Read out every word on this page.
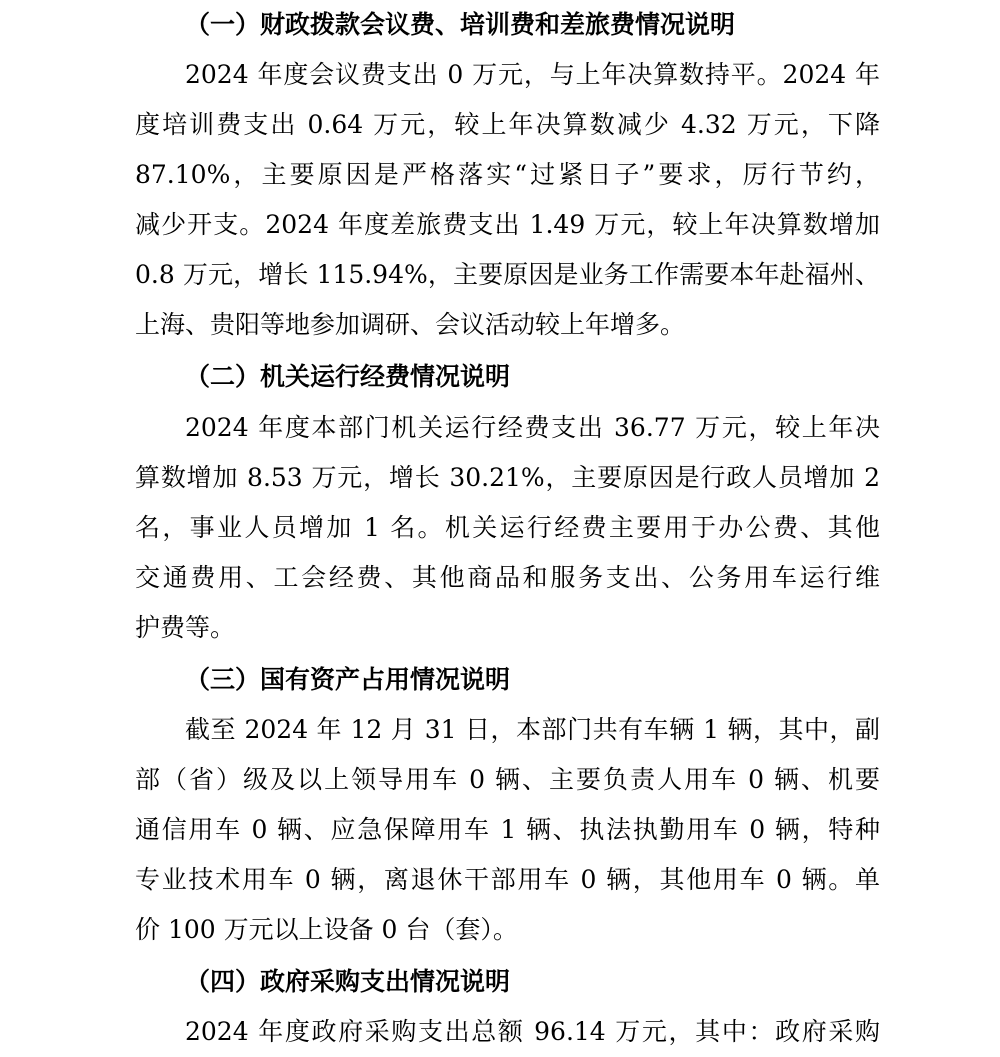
（一）财政拨款会议费、培训费和差旅费情况说明
2024 年度会议费支出 0 万元，与上年决算数持平。2024 年
度培训费支出 0.64 万元，较上年决算数减少 4.32 万元，下降
87.10%，主要原因是严格落实“过紧日子”要求，厉行节约，
减少开支。2024 年度差旅费支出 1.49 万元，较上年决算数增加
0.8 万元，增长 115.94%，主要原因是业务工作需要本年赴福州、
上海、贵阳等地参加调研、会议活动较上年增多。
（二）机关运行经费情况说明
2024 年度本部门机关运行经费支出 36.77 万元，较上年决
算数增加 8.53 万元，增长 30.21%，主要原因是行政人员增加 2
名，事业人员增加 1 名。机关运行经费主要用于办公费、其他
交通费用、工会经费、其他商品和服务支出、公务用车运行维
护费等。
（三）国有资产占用情况说明
截至 2024 年 12 月 31 日，本部门共有车辆 1 辆，其中，副
部（省）级及以上领导用车 0 辆、主要负责人用车 0 辆、机要
通信用车 0 辆、应急保障用车 1 辆、执法执勤用车 0 辆，特种
专业技术用车 0 辆，离退休干部用车 0 辆，其他用车 0 辆。单
价 100 万元以上设备 0 台（套）。
（四）政府采购支出情况说明
2024 年度政府采购支出总额 96.14 万元，其中：政府采购
